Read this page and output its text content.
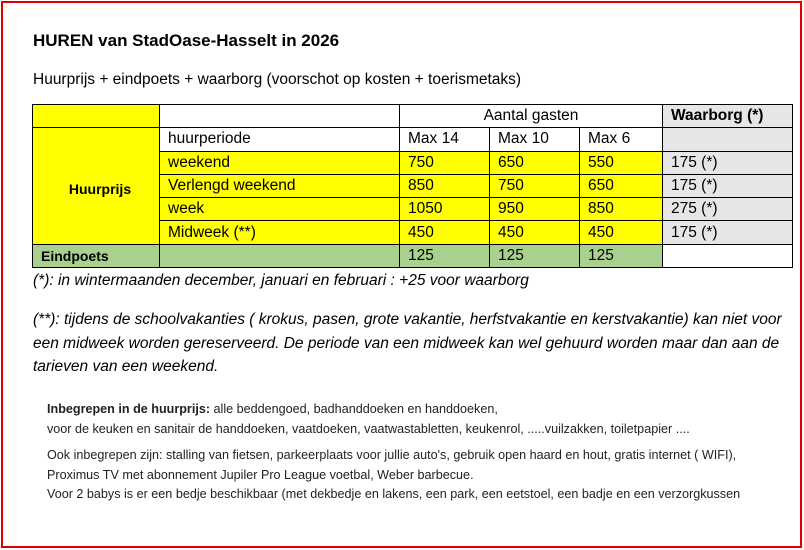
HUREN van StadOase-Hasselt in 2026
Huurprijs + eindpoets + waarborg (voorschot op kosten + toerismetaks)
		Aantal gasten			Waarborg (*)

Huurprijs	huurperiode	Max 14	Max 10	Max 6	
	weekend	750	650	550	175 (*)
	Verlengd weekend	850	750	650	175 (*)
	week	1050	950	850	275 (*)
	Midweek (**)	450	450	450	175 (*)
Eindpoets		125	125	125	
(*): in wintermaanden december, januari en februari : +25 voor waarborg
(**): tijdens de schoolvakanties ( krokus, pasen, grote vakantie, herfstvakantie en kerstvakantie) kan niet voor een midweek worden gereserveerd. De periode van een midweek kan wel gehuurd worden maar dan aan de tarieven van een weekend.

Inbegrepen in de huurprijs: alle beddengoed, badhanddoeken en handdoeken,

voor de keuken en sanitair de handdoeken, vaatdoeken, vaatwastabletten, keukenrol, .....vuilzakken, toiletpapier ....

Ook inbegrepen zijn: stalling van fietsen, parkeerplaats voor jullie auto's, gebruik open haard en hout, gratis internet ( WIFI), Proximus TV met abonnement Jupiler Pro League voetbal, Weber barbecue.

Voor 2 babys is er een bedje beschikbaar (met dekbedje en lakens, een park, een eetstoel, een badje en een verzorgkussen
